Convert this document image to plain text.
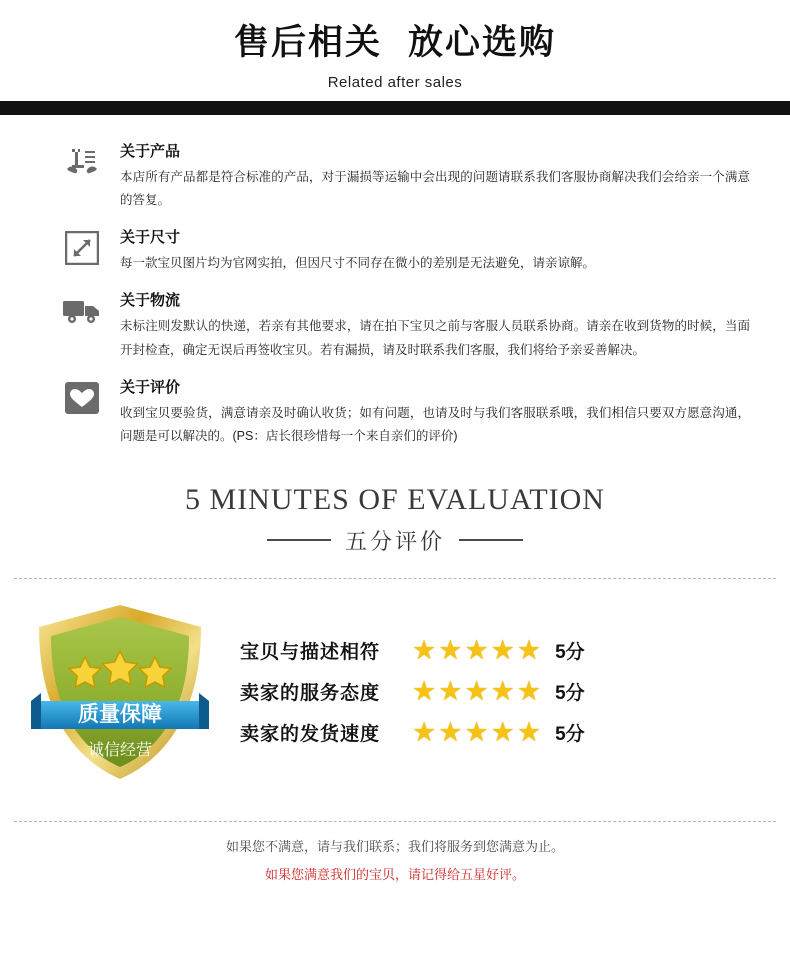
售后相关 放心选购
Related after sales
关于产品
本店所有产品都是符合标准的产品，对于漏损等运输中会出现的问题请联系我们客服协商解决我们会给亲一个满意的答复。
关于尺寸
每一款宝贝图片均为官网实拍，但因尺寸不同存在微小的差别是无法避免，请亲谅解。
关于物流
未标注则发默认的快递，若亲有其他要求，请在拍下宝贝之前与客服人员联系协商。请亲在收到货物的时候，当面开封检查，确定无误后再签收宝贝。若有漏损，请及时联系我们客服，我们将给予亲妥善解决。
关于评价
收到宝贝要验货，满意请亲及时确认收货；如有问题，也请及时与我们客服联系哦，我们相信只要双方愿意沟通，问题是可以解决的。(PS：店长很珍惜每一个来自亲们的评价)
5 MINUTES OF EVALUATION
五分评价
质量保障
诚信经营
宝贝与描述相符	★ ★ ★ ★ ★ 5分
卖家的服务态度	★ ★ ★ ★ ★ 5分
卖家的发货速度	★ ★ ★ ★ ★ 5分
如果您不满意，请与我们联系；我们将服务到您满意为止。
如果您满意我们的宝贝，请记得给五星好评。
